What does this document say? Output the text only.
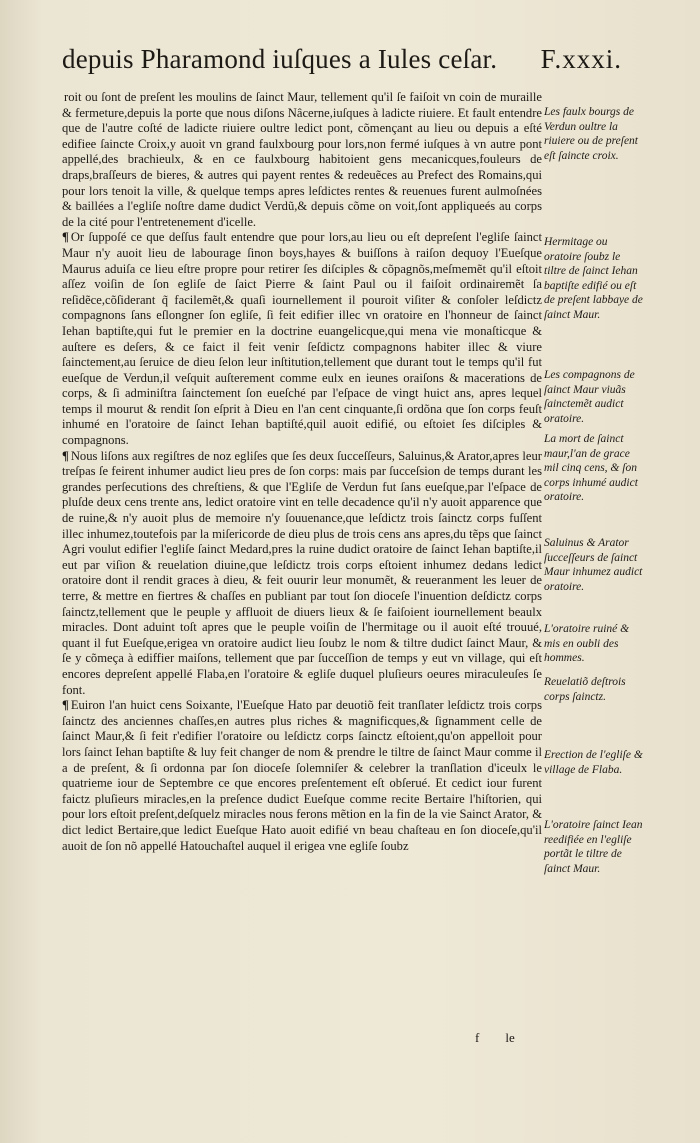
depuis Pharamond iuſques a Iules ceſar. F.xxxi.

roit ou ſont de preſent les moulins de ſainct Maur, tellement qu'il ſe faiſoit vn coin de muraille & fermeture,depuis la porte que nous diſons Nâcerne,iuſques à ladicte riuiere. Et fault entendre que de l'autre coſté de ladicte riuiere oultre ledict pont, cõmençant au lieu ou depuis a eſté edifiee ſaincte Croix,y auoit vn grand faulxbourg pour lors,non fermé iuſques à vn autre pont appellé,des brachieulx, & en ce faulxbourg habitoient gens mecanicques,fouleurs de draps,braſſeurs de bieres, & autres qui payent rentes & redeuẽces au Prefect des Romains,qui pour lors tenoit la ville, & quelque temps apres leſdictes rentes & reuenues furent aulmoſnées & baillées a l'egliſe noſtre dame dudict Verdũ,& depuis cõme on voit,ſont appliqueés au corps de la cité pour l'entretenement d'icelle.

¶ Or ſuppoſé ce que deſſus fault entendre que pour lors,au lieu ou eſt depreſent l'egliſe ſainct Maur n'y auoit lieu de labourage ſinon boys,hayes & buiſſons à raiſon dequoy l'Eueſque Maurus aduiſa ce lieu eſtre propre pour retirer ſes diſciples & cõpagnõs,meſmemẽt qu'il eſtoit aſſez voiſin de ſon egliſe de ſaict Pierre & ſaint Paul ou il faiſoit ordinairemẽt ſa reſidẽce,cõſiderant q̃ facilemẽt,& quaſi iournellement il pouroit viſiter & conſoler leſdictz compagnons ſans eſlongner ſon egliſe, ſi feit edifier illec vn oratoire en l'honneur de ſainct Iehan baptiſte,qui fut le premier en la doctrine euangelicque,qui mena vie monaſticque & auſtere es deſers, & ce faict il feit venir ſeſdictz compagnons habiter illec & viure ſainctement,au ſeruice de dieu ſelon leur inſtitution,tellement que durant tout le temps qu'il fut eueſque de Verdun,il veſquit auſterement comme eulx en ieunes oraiſons & macerations de corps, & ſi adminiſtra ſainctement ſon eueſché par l'eſpace de vingt huict ans, apres lequel temps il mourut & rendit ſon eſprit à Dieu en l'an cent cinquante,ſi ordõna que ſon corps feuſt inhumé en l'oratoire de ſainct Iehan baptiſté,quil auoit edifié, ou eſtoiet ſes diſciples & compagnons.

¶ Nous liſons aux regiſtres de noz egliſes que ſes deux ſucceſſeurs, Saluinus,& Arator,apres leur treſpas ſe feirent inhumer audict lieu pres de ſon corps: mais par ſucceſsion de temps durant les grandes perſecutions des chreſtiens, & que l'Egliſe de Verdun fut ſans eueſque,par l'eſpace de pluſde deux cens trente ans, ledict oratoire vint en telle decadence qu'il n'y auoit apparence que de ruine,& n'y auoit plus de memoire n'y ſouuenance,que leſdictz trois ſainctz corps fuſſent illec inhumez,toutefois par la miſericorde de dieu plus de trois cens ans apres,du tẽps que ſainct Agri voulut edifier l'egliſe ſainct Medard,pres la ruine dudict oratoire de ſainct Iehan baptiſte,il eut par viſion & reuelation diuine,que leſdictz trois corps eſtoient inhumez dedans ledict oratoire dont il rendit graces à dieu, & feit ouurir leur monumẽt, & reueranment les leuer de terre, & mettre en fiertres & chaſſes en publiant par tout ſon dioceſe l'inuention deſdictz corps ſainctz,tellement que le peuple y affluoit de diuers lieux & ſe faiſoient iournellement beaulx miracles. Dont aduint toſt apres que le peuple voiſin de l'hermitage ou il auoit eſté trouué, quant il fut Eueſque,erigea vn oratoire audict lieu ſoubz le nom & tiltre dudict ſainct Maur, & ſe y cõmeça à ediffier maiſons, tellement que par ſucceſſion de temps y eut vn village, qui eſt encores depreſent appellé Flaba,en l'oratoire & egliſe duquel pluſieurs oeures miraculeuſes ſe font.

¶ Euiron l'an huict cens Soixante, l'Eueſque Hato par deuotiõ feit tranſlater leſdictz trois corps ſainctz des anciennes chaſſes,en autres plus riches & magnificques,& ſignamment celle de ſainct Maur,& ſi feit r'edifier l'oratoire ou leſdictz corps ſainctz eſtoient,qu'on appelloit pour lors ſainct Iehan baptiſte & luy feit changer de nom & prendre le tiltre de ſainct Maur comme il a de preſent, & ſi ordonna par ſon dioceſe ſolemniſer & celebrer la tranſlation d'iceulx le quatrieme iour de Septembre ce que encores preſentement eſt obſerué. Et cedict iour furent faictz pluſieurs miracles,en la preſence dudict Eueſque comme recite Bertaire l'hiſtorien, qui pour lors eſtoit preſent,deſquelz miracles nous ferons mẽtion en la fin de la vie Sainct Arator, & dict ledict Bertaire,que ledict Eueſque Hato auoit edifié vn beau chaſteau en ſon dioceſe,qu'il auoit de ſon nõ appellé Hatouchaſtel auquel il erigea vne egliſe ſoubz

Les faulx bourgs de Verdun oultre la riuiere ou de preſent eſt ſaincte croix.
Hermitage ou oratoire ſoubz le tiltre de ſainct Iehan baptiſte edifié ou eſt de preſent labbaye de ſainct Maur.
Les compagnons de ſainct Maur viuãs ſainctemẽt audict oratoire.
La mort de ſainct maur,l'an de grace mil cinq cens, & ſon corps inhumé audict oratoire.
Saluinus & Arator ſucceſſeurs de ſainct Maur inhumez audict oratoire.
L'oratoire ruiné & mis en oubli des hommes.
Reuelatiõ deſtrois corps ſainctz.
Erection de l'egliſe & village de Flaba.
L'oratoire ſainct Iean reedifiée en l'egliſe portãt le tiltre de ſainct Maur.
f le
